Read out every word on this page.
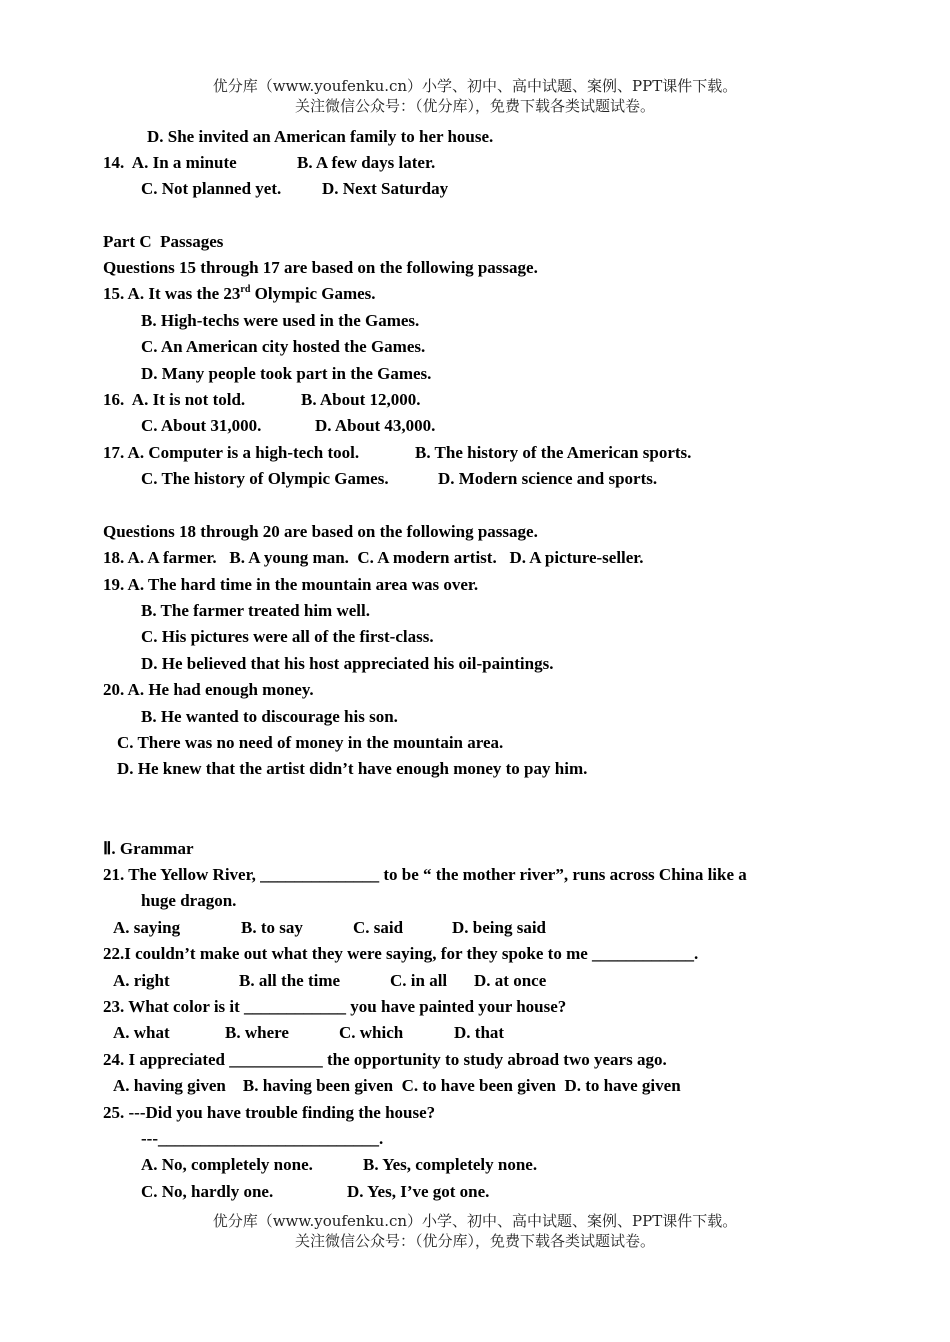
优分库（www.youfenku.cn）小学、初中、高中试题、案例、PPT课件下载。
关注微信公众号：（优分库），免费下载各类试题试卷。
D. She invited an American family to her house.
14.  A. In a minute	B. A few days later.
C. Not planned yet. D. Next Saturday
Part C  Passages
Questions 15 through 17 are based on the following passage.
15. A. It was the 23rd Olympic Games.
B. High-techs were used in the Games.
C. An American city hosted the Games.
D. Many people took part in the Games.
16.  A. It is not told.	B. About 12,000.
C. About 31,000.	D. About 43,000.
17. A. Computer is a high-tech tool.	B. The history of the American sports.
C. The history of Olympic Games.	D. Modern science and sports.
Questions 18 through 20 are based on the following passage.
18. A. A farmer.   B. A young man.  C. A modern artist.   D. A picture-seller.
19. A. The hard time in the mountain area was over.
B. The farmer treated him well.
C. His pictures were all of the first-class.
D. He believed that his host appreciated his oil-paintings.
20. A. He had enough money.
B. He wanted to discourage his son.
C. There was no need of money in the mountain area.
D. He knew that the artist didn’t have enough money to pay him.
Ⅱ. Grammar
21. The Yellow River, ______________ to be “ the mother river”, runs across China like a
huge dragon.
A. saying	B. to say	C. said	D. being said
22.I couldn’t make out what they were saying, for they spoke to me ____________.
A. right	B. all the time	C. in all D. at once
23. What color is it ____________ you have painted your house?
A. what	B. where	C. which	D. that
24. I appreciated ___________ the opportunity to study abroad two years ago.
A. having given    B. having been given  C. to have been given  D. to have given
25. ---Did you have trouble finding the house?
---__________________________.
A. No, completely none.	B. Yes, completely none.
C. No, hardly one.	D. Yes, I’ve got one.
优分库（www.youfenku.cn）小学、初中、高中试题、案例、PPT课件下载。
关注微信公众号：（优分库），免费下载各类试题试卷。
